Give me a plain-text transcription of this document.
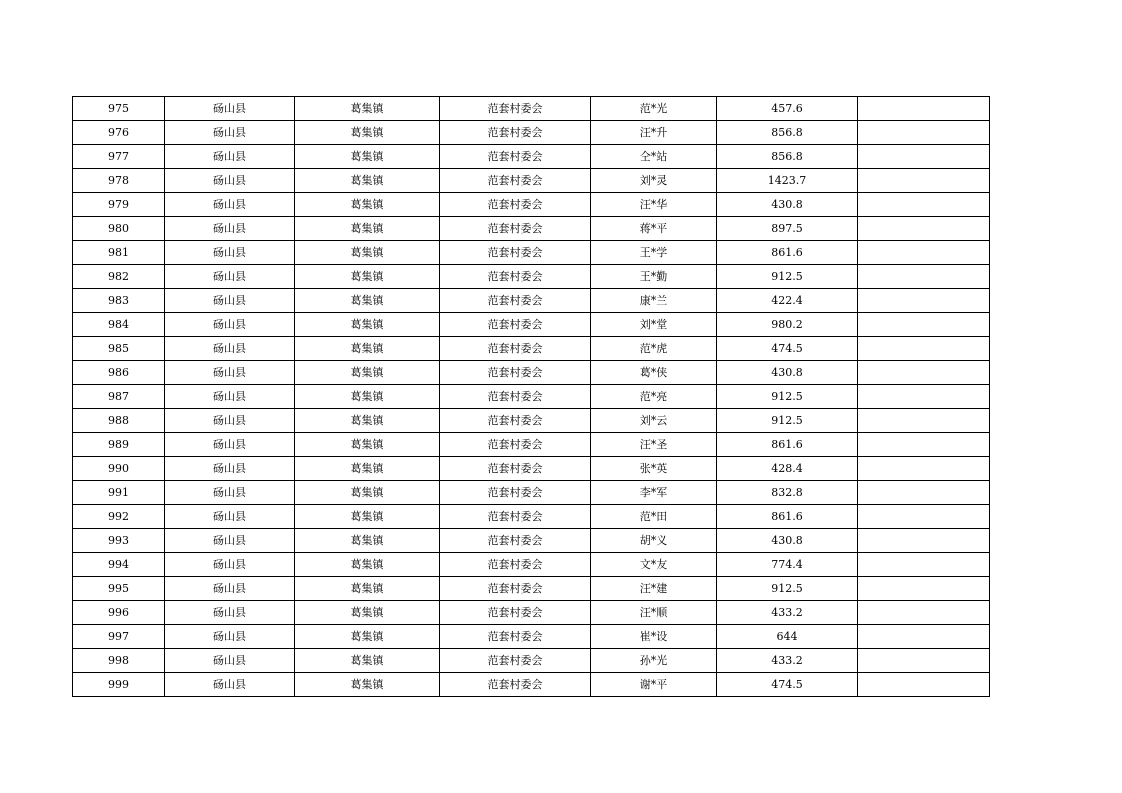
975	砀山县	葛集镇	范套村委会	范*光	457.6	
976	砀山县	葛集镇	范套村委会	汪*升	856.8	
977	砀山县	葛集镇	范套村委会	仝*站	856.8	
978	砀山县	葛集镇	范套村委会	刘*灵	1423.7	
979	砀山县	葛集镇	范套村委会	汪*华	430.8	
980	砀山县	葛集镇	范套村委会	蒋*平	897.5	
981	砀山县	葛集镇	范套村委会	王*学	861.6	
982	砀山县	葛集镇	范套村委会	王*勤	912.5	
983	砀山县	葛集镇	范套村委会	康*兰	422.4	
984	砀山县	葛集镇	范套村委会	刘*堂	980.2	
985	砀山县	葛集镇	范套村委会	范*虎	474.5	
986	砀山县	葛集镇	范套村委会	葛*侠	430.8	
987	砀山县	葛集镇	范套村委会	范*亮	912.5	
988	砀山县	葛集镇	范套村委会	刘*云	912.5	
989	砀山县	葛集镇	范套村委会	汪*圣	861.6	
990	砀山县	葛集镇	范套村委会	张*英	428.4	
991	砀山县	葛集镇	范套村委会	李*军	832.8	
992	砀山县	葛集镇	范套村委会	范*田	861.6	
993	砀山县	葛集镇	范套村委会	胡*义	430.8	
994	砀山县	葛集镇	范套村委会	文*友	774.4	
995	砀山县	葛集镇	范套村委会	汪*建	912.5	
996	砀山县	葛集镇	范套村委会	汪*顺	433.2	
997	砀山县	葛集镇	范套村委会	崔*设	644	
998	砀山县	葛集镇	范套村委会	孙*光	433.2	
999	砀山县	葛集镇	范套村委会	谢*平	474.5	
